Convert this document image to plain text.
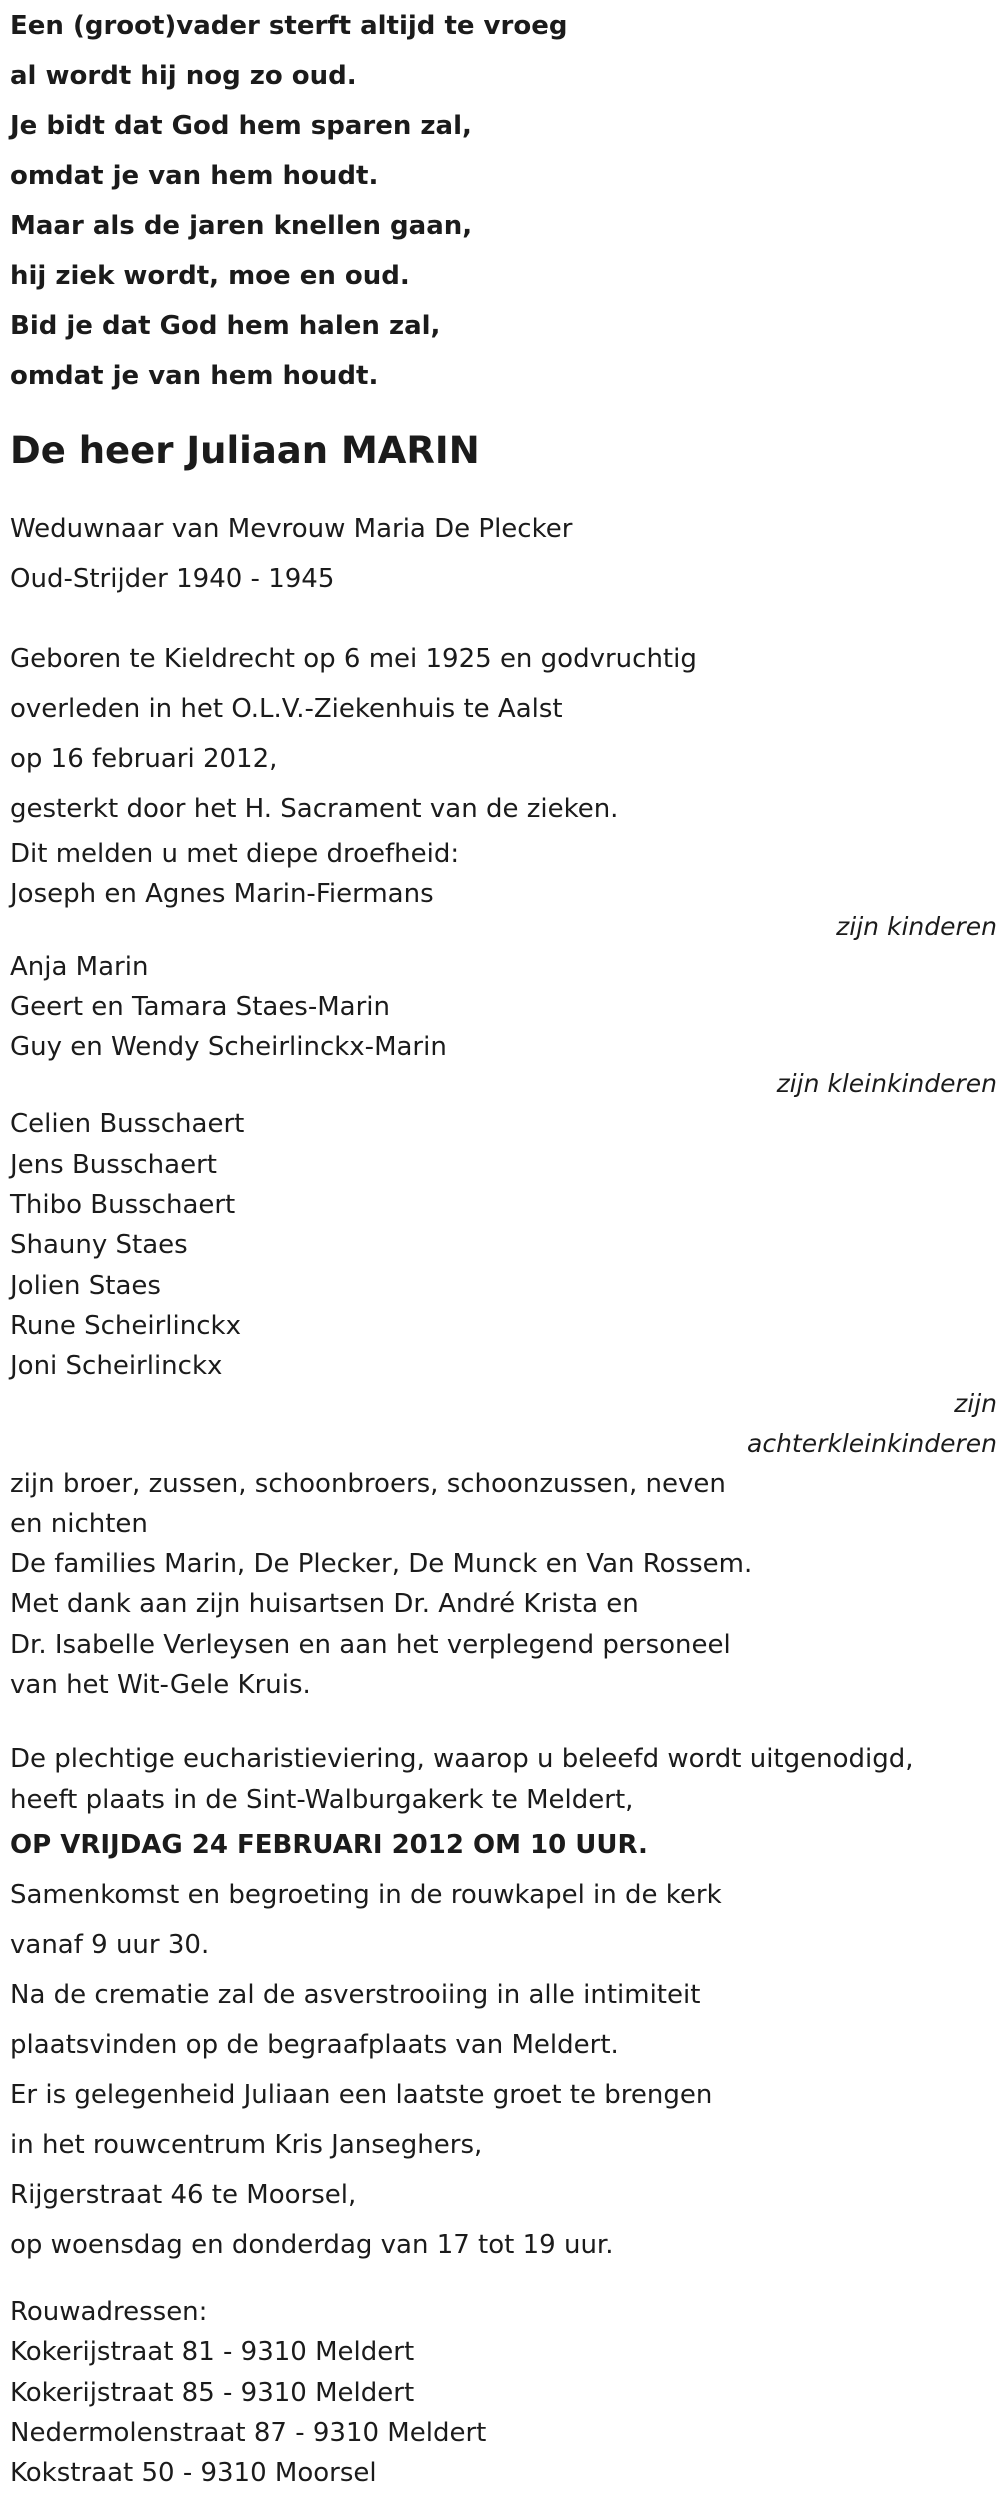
Een (groot)vader sterft altijd te vroeg
al wordt hij nog zo oud.
Je bidt dat God hem sparen zal,
omdat je van hem houdt.
Maar als de jaren knellen gaan,
hij ziek wordt, moe en oud.
Bid je dat God hem halen zal,
omdat je van hem houdt.
De heer Juliaan MARIN
Weduwnaar van Mevrouw Maria De Plecker
Oud-Strijder 1940 - 1945
Geboren te Kieldrecht op 6 mei 1925 en godvruchtig
overleden in het O.L.V.-Ziekenhuis te Aalst
op 16 februari 2012,
gesterkt door het H. Sacrament van de zieken.
Dit melden u met diepe droefheid:
Joseph en Agnes Marin-Fiermans
zijn kinderen
Anja Marin
Geert en Tamara Staes-Marin
Guy en Wendy Scheirlinckx-Marin
zijn kleinkinderen
Celien Busschaert
Jens Busschaert
Thibo Busschaert
Shauny Staes
Jolien Staes
Rune Scheirlinckx
Joni Scheirlinckx
zijn
achterkleinkinderen
zijn broer, zussen, schoonbroers, schoonzussen, neven
en nichten
De families Marin, De Plecker, De Munck en Van Rossem.
Met dank aan zijn huisartsen Dr. André Krista en
Dr. Isabelle Verleysen en aan het verplegend personeel
van het Wit-Gele Kruis.
De plechtige eucharistieviering, waarop u beleefd wordt uitgenodigd,
heeft plaats in de Sint-Walburgakerk te Meldert,
OP VRIJDAG 24 FEBRUARI 2012 OM 10 UUR.
Samenkomst en begroeting in de rouwkapel in de kerk
vanaf 9 uur 30.
Na de crematie zal de asverstrooiing in alle intimiteit
plaatsvinden op de begraafplaats van Meldert.
Er is gelegenheid Juliaan een laatste groet te brengen
in het rouwcentrum Kris Janseghers,
Rijgerstraat 46 te Moorsel,
op woensdag en donderdag van 17 tot 19 uur.
Rouwadressen:
Kokerijstraat 81 - 9310 Meldert
Kokerijstraat 85 - 9310 Meldert
Nedermolenstraat 87 - 9310 Meldert
Kokstraat 50 - 9310 Moorsel
